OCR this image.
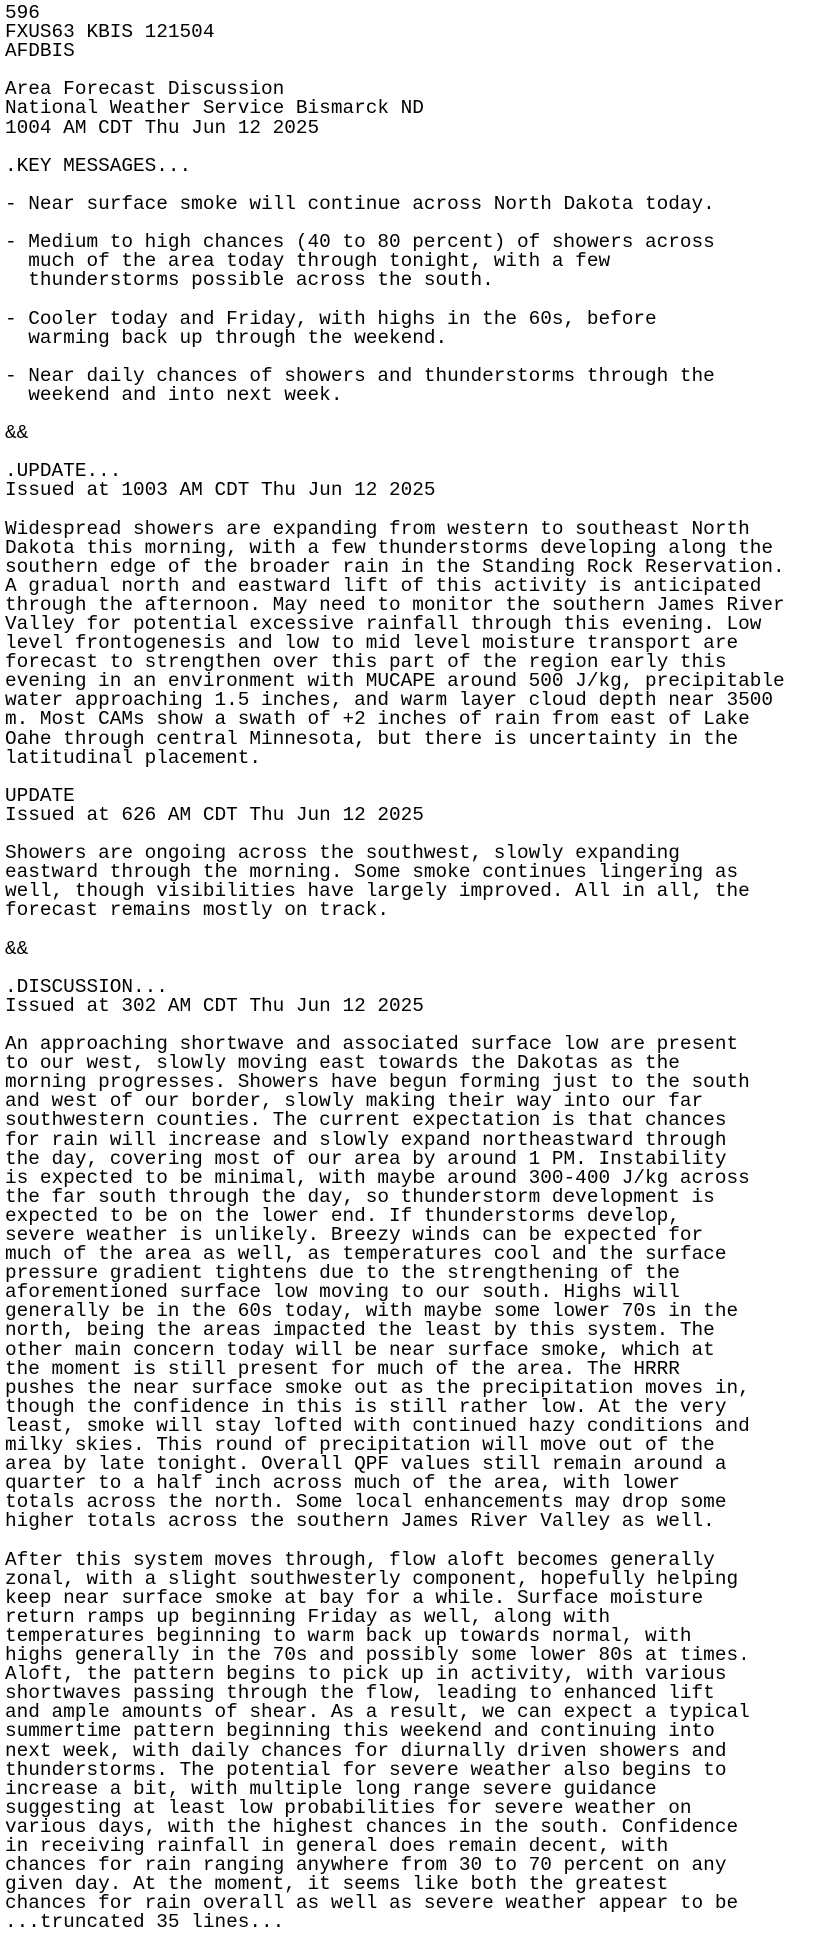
596
FXUS63 KBIS 121504
AFDBIS

Area Forecast Discussion
National Weather Service Bismarck ND
1004 AM CDT Thu Jun 12 2025

.KEY MESSAGES...

- Near surface smoke will continue across North Dakota today.

- Medium to high chances (40 to 80 percent) of showers across
much of the area today through tonight, with a few
thunderstorms possible across the south.

- Cooler today and Friday, with highs in the 60s, before
warming back up through the weekend.

- Near daily chances of showers and thunderstorms through the
weekend and into next week.

&&

.UPDATE...
Issued at 1003 AM CDT Thu Jun 12 2025

Widespread showers are expanding from western to southeast North
Dakota this morning, with a few thunderstorms developing along the
southern edge of the broader rain in the Standing Rock Reservation.
A gradual north and eastward lift of this activity is anticipated
through the afternoon. May need to monitor the southern James River
Valley for potential excessive rainfall through this evening. Low
level frontogenesis and low to mid level moisture transport are
forecast to strengthen over this part of the region early this
evening in an environment with MUCAPE around 500 J/kg, precipitable
water approaching 1.5 inches, and warm layer cloud depth near 3500
m. Most CAMs show a swath of +2 inches of rain from east of Lake
Oahe through central Minnesota, but there is uncertainty in the
latitudinal placement.

UPDATE
Issued at 626 AM CDT Thu Jun 12 2025

Showers are ongoing across the southwest, slowly expanding
eastward through the morning. Some smoke continues lingering as
well, though visibilities have largely improved. All in all, the
forecast remains mostly on track.

&&

.DISCUSSION...
Issued at 302 AM CDT Thu Jun 12 2025

An approaching shortwave and associated surface low are present
to our west, slowly moving east towards the Dakotas as the
morning progresses. Showers have begun forming just to the south
and west of our border, slowly making their way into our far
southwestern counties. The current expectation is that chances
for rain will increase and slowly expand northeastward through
the day, covering most of our area by around 1 PM. Instability
is expected to be minimal, with maybe around 300-400 J/kg across
the far south through the day, so thunderstorm development is
expected to be on the lower end. If thunderstorms develop,
severe weather is unlikely. Breezy winds can be expected for
much of the area as well, as temperatures cool and the surface
pressure gradient tightens due to the strengthening of the
aforementioned surface low moving to our south. Highs will
generally be in the 60s today, with maybe some lower 70s in the
north, being the areas impacted the least by this system. The
other main concern today will be near surface smoke, which at
the moment is still present for much of the area. The HRRR
pushes the near surface smoke out as the precipitation moves in,
though the confidence in this is still rather low. At the very
least, smoke will stay lofted with continued hazy conditions and
milky skies. This round of precipitation will move out of the
area by late tonight. Overall QPF values still remain around a
quarter to a half inch across much of the area, with lower
totals across the north. Some local enhancements may drop some
higher totals across the southern James River Valley as well.

After this system moves through, flow aloft becomes generally
zonal, with a slight southwesterly component, hopefully helping
keep near surface smoke at bay for a while. Surface moisture
return ramps up beginning Friday as well, along with
temperatures beginning to warm back up towards normal, with
highs generally in the 70s and possibly some lower 80s at times.
Aloft, the pattern begins to pick up in activity, with various
shortwaves passing through the flow, leading to enhanced lift
and ample amounts of shear. As a result, we can expect a typical
summertime pattern beginning this weekend and continuing into
next week, with daily chances for diurnally driven showers and
thunderstorms. The potential for severe weather also begins to
increase a bit, with multiple long range severe guidance
suggesting at least low probabilities for severe weather on
various days, with the highest chances in the south. Confidence
in receiving rainfall in general does remain decent, with
chances for rain ranging anywhere from 30 to 70 percent on any
given day. At the moment, it seems like both the greatest
chances for rain overall as well as severe weather appear to be
...truncated 35 lines...
